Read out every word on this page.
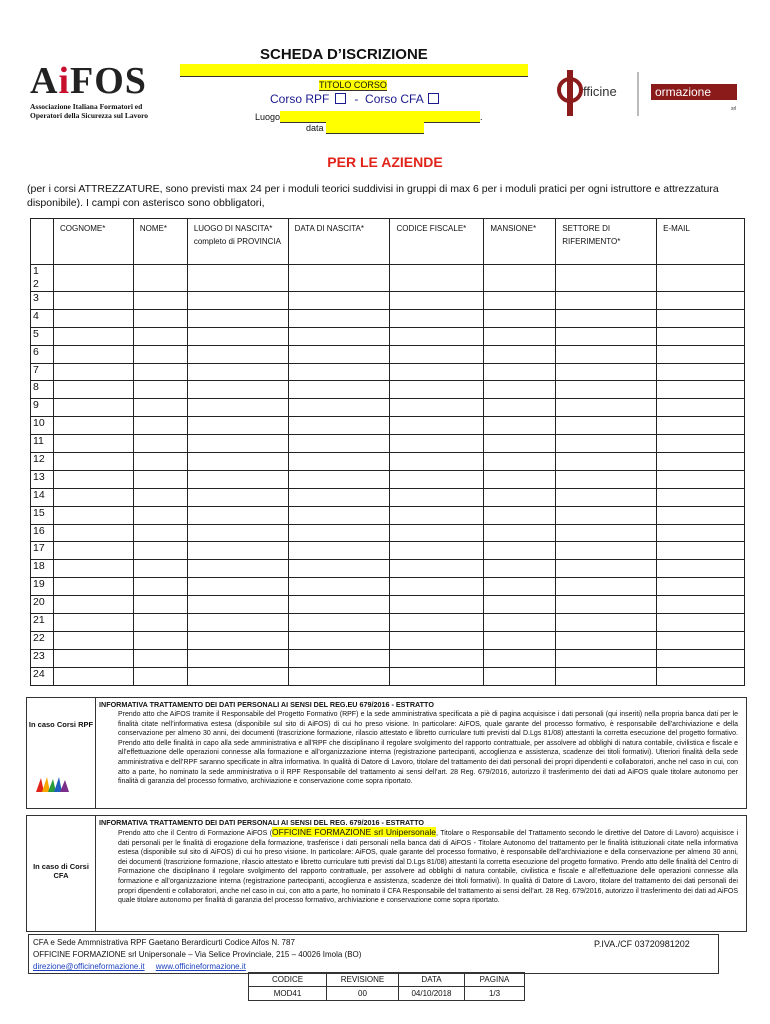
AiFOS
Associazione Italiana Formatori ed
Operatori della Sicurezza sul Lavoro
SCHEDA D’ISCRIZIONE
TITOLO CORSO
Corso RPF - Corso CFA
Luogo	.
data
fficine	ormazione
srl
PER LE AZIENDE
(per i corsi ATTREZZATURE, sono previsti max 24 per i moduli teorici suddivisi in gruppi di max 6 per i moduli pratici per ogni istruttore e attrezzatura disponibile). I campi con asterisco sono obbligatori,
	COGNOME*	NOME*	LUOGO DI NASCITA* completo di PROVINCIA	DATA DI NASCITA*	CODICE FISCALE*	MANSIONE*	SETTORE DI RIFERIMENTO*	E-MAIL
1
2								
3								
4								
5								
6								
7								
8								
9								
10								
11								
12								
13								
14								
15								
16								
17								
18								
19								
20								
21								
22								
23								
24								
INFORMATIVA TRATTAMENTO DEI DATI PERSONALI AI SENSI DEL REG.EU 679/2016 - ESTRATTO
In caso Corsi RPF
Prendo atto che AiFOS tramite il Responsabile del Progetto Formativo (RPF) e la sede amministrativa specificata a piè di pagina acquisisce i dati personali (qui inseriti) nella propria banca dati per le finalità citate nell’informativa estesa (disponibile sul sito di AiFOS) di cui ho preso visione. In particolare: AiFOS, quale garante del processo formativo, è responsabile dell’archiviazione e della conservazione per almeno 30 anni, dei documenti (trascrizione formazione, rilascio attestato e libretto curriculare tutti previsti dal D.Lgs 81/08) attestanti la corretta esecuzione del progetto formativo. Prendo atto delle finalità in capo alla sede amministrativa e all’RPF che disciplinano il regolare svolgimento del rapporto contrattuale, per assolvere ad obblighi di natura contabile, civilistica e fiscale e all’effettuazione delle operazioni connesse alla formazione e all’organizzazione interna (registrazione partecipanti, accoglienza e assistenza, scadenze dei titoli formativi). Ulteriori finalità della sede amministrativa e dell’RPF saranno specificate in altra informativa. In qualità di Datore di Lavoro, titolare del trattamento dei dati personali dei propri dipendenti e collaboratori, anche nel caso in cui, con atto a parte, ho nominato la sede amministrativa o il RPF Responsabile del trattamento ai sensi dell’art. 28 Reg. 679/2016, autorizzo il trasferimento dei dati ad AiFOS quale titolare autonomo per finalità di garanzia del processo formativo, archiviazione e conservazione come sopra riportato.
INFORMATIVA TRATTAMENTO DEI DATI PERSONALI AI SENSI DEL REG. 679/2016 - ESTRATTO
In caso di Corsi CFA
Prendo atto che il Centro di Formazione AiFOS (OFFICINE FORMAZIONE srl Unipersonale, Titolare o Responsabile del Trattamento secondo le direttive del Datore di Lavoro) acquisisce i dati personali per le finalità di erogazione della formazione, trasferisce i dati personali nella banca dati di AiFOS - Titolare Autonomo del trattamento per le finalità istituzionali citate nella informativa estesa (disponibile sul sito di AiFOS) di cui ho preso visione. In particolare: AiFOS, quale garante del processo formativo, è responsabile dell’archiviazione e della conservazione per almeno 30 anni, dei documenti (trascrizione formazione, rilascio attestato e libretto curriculare tutti previsti dal D.Lgs 81/08) attestanti la corretta esecuzione del progetto formativo. Prendo atto delle finalità del Centro di Formazione che disciplinano il regolare svolgimento del rapporto contrattuale, per assolvere ad obblighi di natura contabile, civilistica e fiscale e all’effettuazione delle operazioni connesse alla formazione e all’organizzazione interna (registrazione partecipanti, accoglienza e assistenza, scadenze dei titoli formativi). In qualità di Datore di Lavoro, titolare del trattamento dei dati personali dei propri dipendenti e collaboratori, anche nel caso in cui, con atto a parte, ho nominato il CFA Responsabile del trattamento ai sensi dell’art. 28 Reg. 679/2016, autorizzo il trasferimento dei dati ad AiFOS quale titolare autonomo per finalità di garanzia del processo formativo, archiviazione e conservazione come sopra riportato.
CFA e Sede Ammnistrativa RPF Gaetano Berardicurti Codice Aifos N. 787
OFFICINE FORMAZIONE srl Unipersonale – Via Selice Provinciale, 215 – 40026 Imola (BO)
direzione@officineformazione.it www.officineformazione.it
P.IVA./CF 03720981202
CODICE	REVISIONE	DATA	PAGINA
MOD41	00	04/10/2018	1/3
